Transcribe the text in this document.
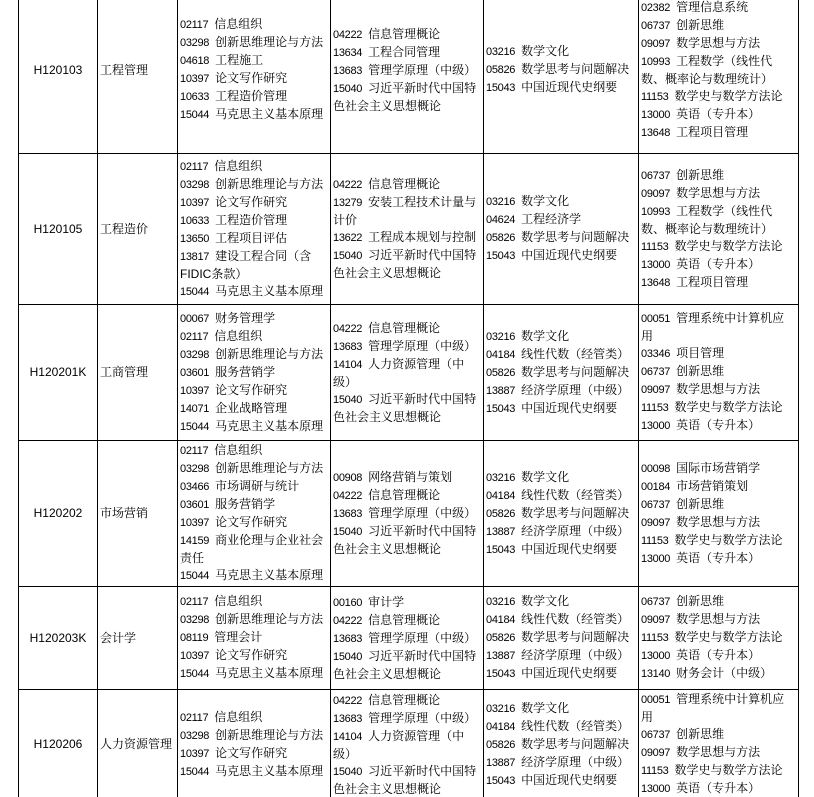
H120103	工程管理	
02117 信息组织
03298 创新思维理论与方法
04618 工程施工
10397 论文写作研究
10633 工程造价管理
15044 马克思主义基本原理

04222 信息管理概论
13634 工程合同管理
13683 管理学原理（中级）
15040 习近平新时代中国特色社会主义思想概论

03216 数学文化
05826 数学思考与问题解决
15043 中国近现代史纲要

02382 管理信息系统
06737 创新思维
09097 数学思想与方法
10993 工程数学（线性代数、概率论与数理统计）
11153 数学史与数学方法论
13000 英语（专升本）
13648 工程项目管理

H120105	工程造价	
02117 信息组织
03298 创新思维理论与方法
10397 论文写作研究
10633 工程造价管理
13650 工程项目评估
13817 建设工程合同（含FIDIC条款）
15044 马克思主义基本原理

04222 信息管理概论
13279 安装工程技术计量与计价
13622 工程成本规划与控制
15040 习近平新时代中国特色社会主义思想概论

03216 数学文化
04624 工程经济学
05826 数学思考与问题解决
15043 中国近现代史纲要

06737 创新思维
09097 数学思想与方法
10993 工程数学（线性代数、概率论与数理统计）
11153 数学史与数学方法论
13000 英语（专升本）
13648 工程项目管理

H120201K	工商管理	
00067 财务管理学
02117 信息组织
03298 创新思维理论与方法
03601 服务营销学
10397 论文写作研究
14071 企业战略管理
15044 马克思主义基本原理

04222 信息管理概论
13683 管理学原理（中级）
14104 人力资源管理（中级）
15040 习近平新时代中国特色社会主义思想概论

03216 数学文化
04184 线性代数（经管类）
05826 数学思考与问题解决
13887 经济学原理（中级）
15043 中国近现代史纲要

00051 管理系统中计算机应用
03346 项目管理
06737 创新思维
09097 数学思想与方法
11153 数学史与数学方法论
13000 英语（专升本）

H120202	市场营销	
02117 信息组织
03298 创新思维理论与方法
03466 市场调研与统计
03601 服务营销学
10397 论文写作研究
14159 商业伦理与企业社会责任
15044 马克思主义基本原理

00908 网络营销与策划
04222 信息管理概论
13683 管理学原理（中级）
15040 习近平新时代中国特色社会主义思想概论

03216 数学文化
04184 线性代数（经管类）
05826 数学思考与问题解决
13887 经济学原理（中级）
15043 中国近现代史纲要

00098 国际市场营销学
00184 市场营销策划
06737 创新思维
09097 数学思想与方法
11153 数学史与数学方法论
13000 英语（专升本）

H120203K	会计学	
02117 信息组织
03298 创新思维理论与方法
08119 管理会计
10397 论文写作研究
15044 马克思主义基本原理

00160 审计学
04222 信息管理概论
13683 管理学原理（中级）
15040 习近平新时代中国特色社会主义思想概论

03216 数学文化
04184 线性代数（经管类）
05826 数学思考与问题解决
13887 经济学原理（中级）
15043 中国近现代史纲要

06737 创新思维
09097 数学思想与方法
11153 数学史与数学方法论
13000 英语（专升本）
13140 财务会计（中级）

H120206	人力资源管理	
02117 信息组织
03298 创新思维理论与方法
10397 论文写作研究
15044 马克思主义基本原理

04222 信息管理概论
13683 管理学原理（中级）
14104 人力资源管理（中级）
15040 习近平新时代中国特色社会主义思想概论

03216 数学文化
04184 线性代数（经管类）
05826 数学思考与问题解决
13887 经济学原理（中级）
15043 中国近现代史纲要

00051 管理系统中计算机应用
06737 创新思维
09097 数学思想与方法
11153 数学史与数学方法论
13000 英语（专升本）
